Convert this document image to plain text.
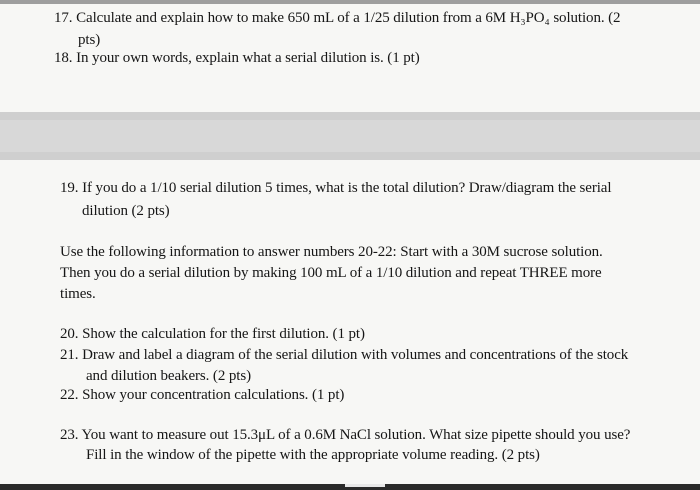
17. Calculate and explain how to make 650 mL of a 1/25 dilution from a 6M H₃PO₄ solution. (2
pts)
18. In your own words, explain what a serial dilution is. (1 pt)
19. If you do a 1/10 serial dilution 5 times, what is the total dilution? Draw/diagram the serial
dilution (2 pts)
Use the following information to answer numbers 20-22: Start with a 30M sucrose solution.
Then you do a serial dilution by making 100 mL of a 1/10 dilution and repeat THREE more
times.
20. Show the calculation for the first dilution. (1 pt)
21. Draw and label a diagram of the serial dilution with volumes and concentrations of the stock
and dilution beakers. (2 pts)
22. Show your concentration calculations. (1 pt)
23. You want to measure out 15.3μL of a 0.6M NaCl solution. What size pipette should you use?
Fill in the window of the pipette with the appropriate volume reading. (2 pts)
